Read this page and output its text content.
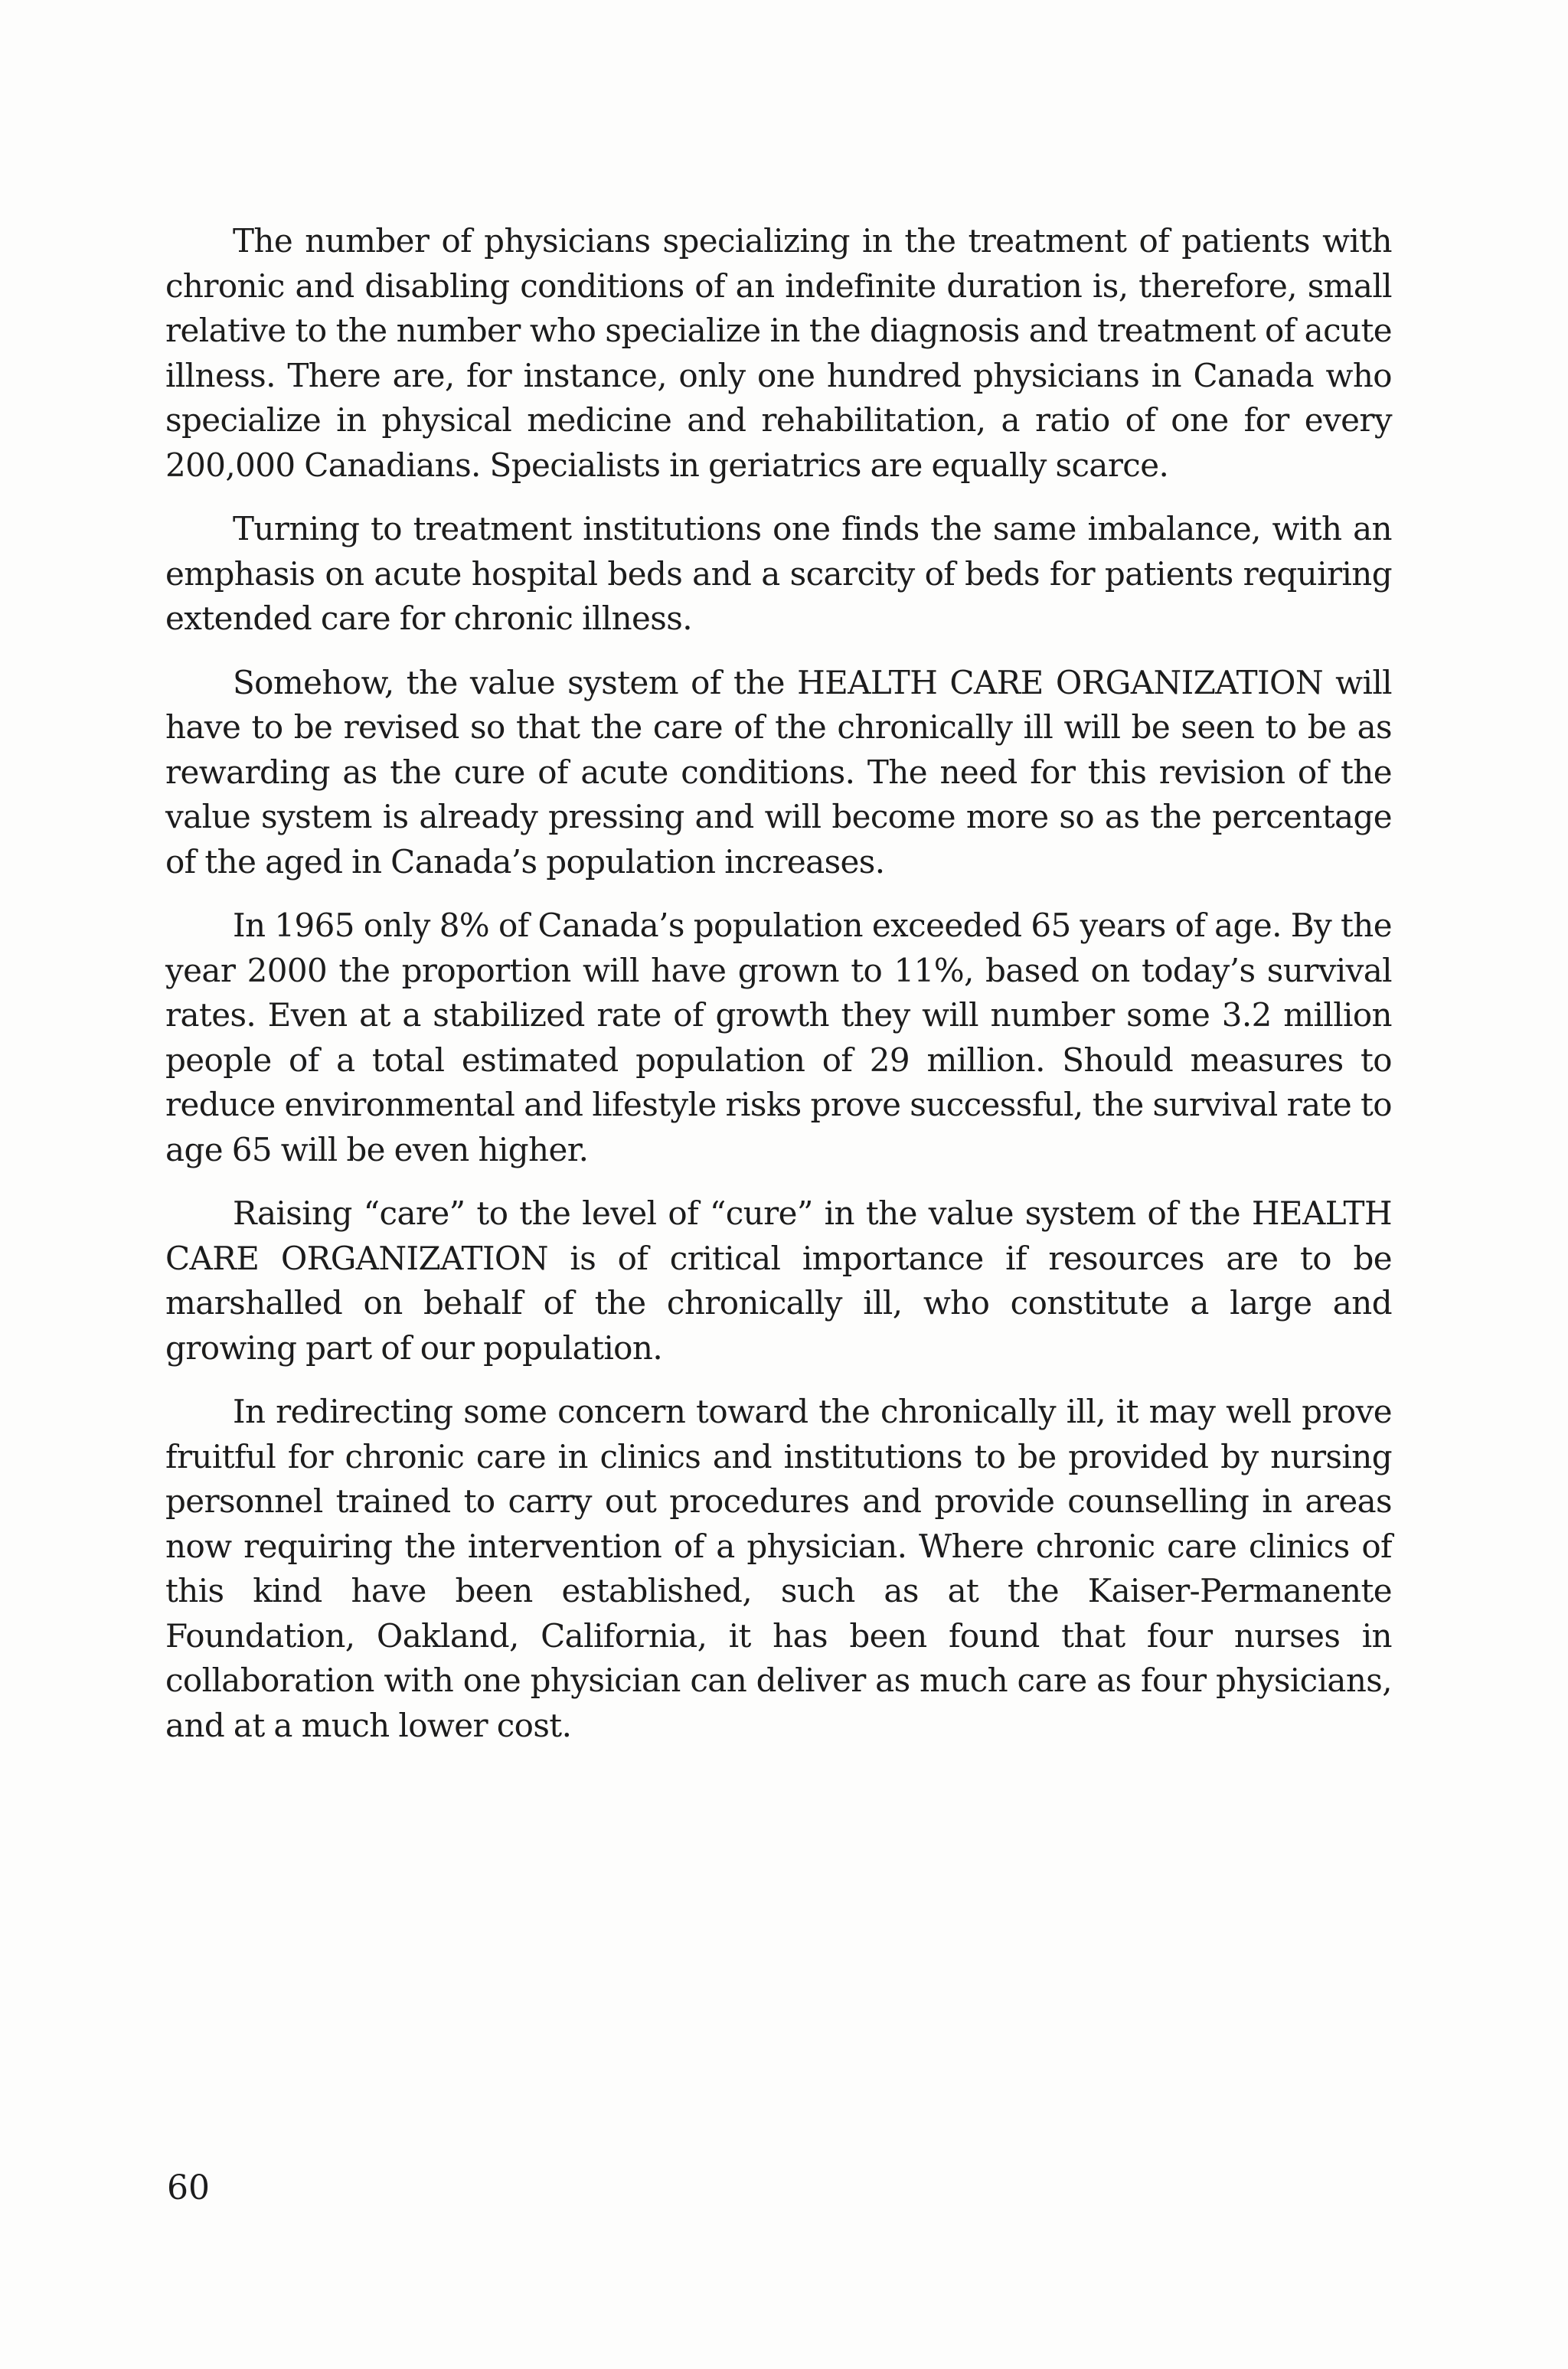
The number of physicians specializing in the treatment of patients with chronic and disabling conditions of an indefinite duration is, therefore, small relative to the number who specialize in the diagnosis and treatment of acute illness. There are, for instance, only one hundred physicians in Canada who specialize in physical medicine and rehabilitation, a ratio of one for every 200,000 Canadians. Specialists in geriatrics are equally scarce.

Turning to treatment institutions one finds the same imbalance, with an emphasis on acute hospital beds and a scarcity of beds for patients requiring extended care for chronic illness.

Somehow, the value system of the HEALTH CARE ORGANIZATION will have to be revised so that the care of the chronically ill will be seen to be as rewarding as the cure of acute conditions. The need for this revision of the value system is already pressing and will become more so as the percentage of the aged in Canada’s population increases.

In 1965 only 8% of Canada’s population exceeded 65 years of age. By the year 2000 the proportion will have grown to 11%, based on today’s survival rates. Even at a stabilized rate of growth they will number some 3.2 million people of a total estimated population of 29 million. Should measures to reduce environmental and lifestyle risks prove successful, the survival rate to age 65 will be even higher.

Raising “care” to the level of “cure” in the value system of the HEALTH CARE ORGANIZATION is of critical importance if resources are to be marshalled on behalf of the chronically ill, who constitute a large and growing part of our population.

In redirecting some concern toward the chronically ill, it may well prove fruitful for chronic care in clinics and institutions to be provided by nursing personnel trained to carry out procedures and provide counselling in areas now requiring the intervention of a physician. Where chronic care clinics of this kind have been established, such as at the Kaiser-Permanente Foundation, Oakland, California, it has been found that four nurses in collaboration with one physician can deliver as much care as four physicians, and at a much lower cost.

60
